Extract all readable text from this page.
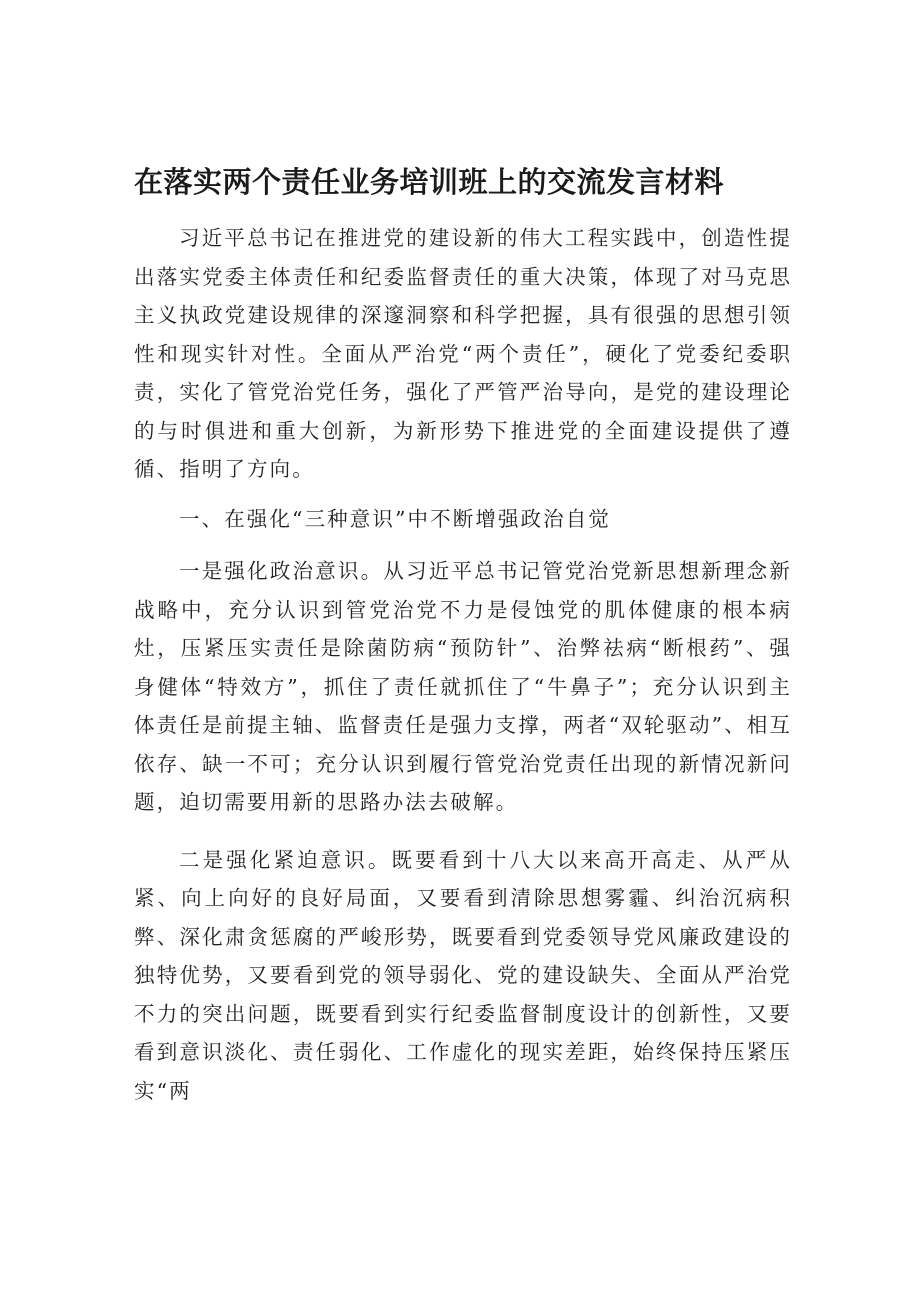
在落实两个责任业务培训班上的交流发言材料

习近平总书记在推进党的建设新的伟大工程实践中，创造性提出落实党委主体责任和纪委监督责任的重大决策，体现了对马克思主义执政党建设规律的深邃洞察和科学把握，具有很强的思想引领性和现实针对性。全面从严治党“两个责任”，硬化了党委纪委职责，实化了管党治党任务，强化了严管严治导向，是党的建设理论的与时俱进和重大创新，为新形势下推进党的全面建设提供了遵循、指明了方向。

一、在强化“三种意识”中不断增强政治自觉

一是强化政治意识。从习近平总书记管党治党新思想新理念新战略中，充分认识到管党治党不力是侵蚀党的肌体健康的根本病灶，压紧压实责任是除菌防病“预防针”、治弊祛病“断根药”、强身健体“特效方”，抓住了责任就抓住了“牛鼻子”；充分认识到主体责任是前提主轴、监督责任是强力支撑，两者“双轮驱动”、相互依存、缺一不可；充分认识到履行管党治党责任出现的新情况新问题，迫切需要用新的思路办法去破解。

二是强化紧迫意识。既要看到十八大以来高开高走、从严从紧、向上向好的良好局面，又要看到清除思想雾霾、纠治沉病积弊、深化肃贪惩腐的严峻形势，既要看到党委领导党风廉政建设的独特优势，又要看到党的领导弱化、党的建设缺失、全面从严治党不力的突出问题，既要看到实行纪委监督制度设计的创新性，又要看到意识淡化、责任弱化、工作虚化的现实差距，始终保持压紧压实“两
